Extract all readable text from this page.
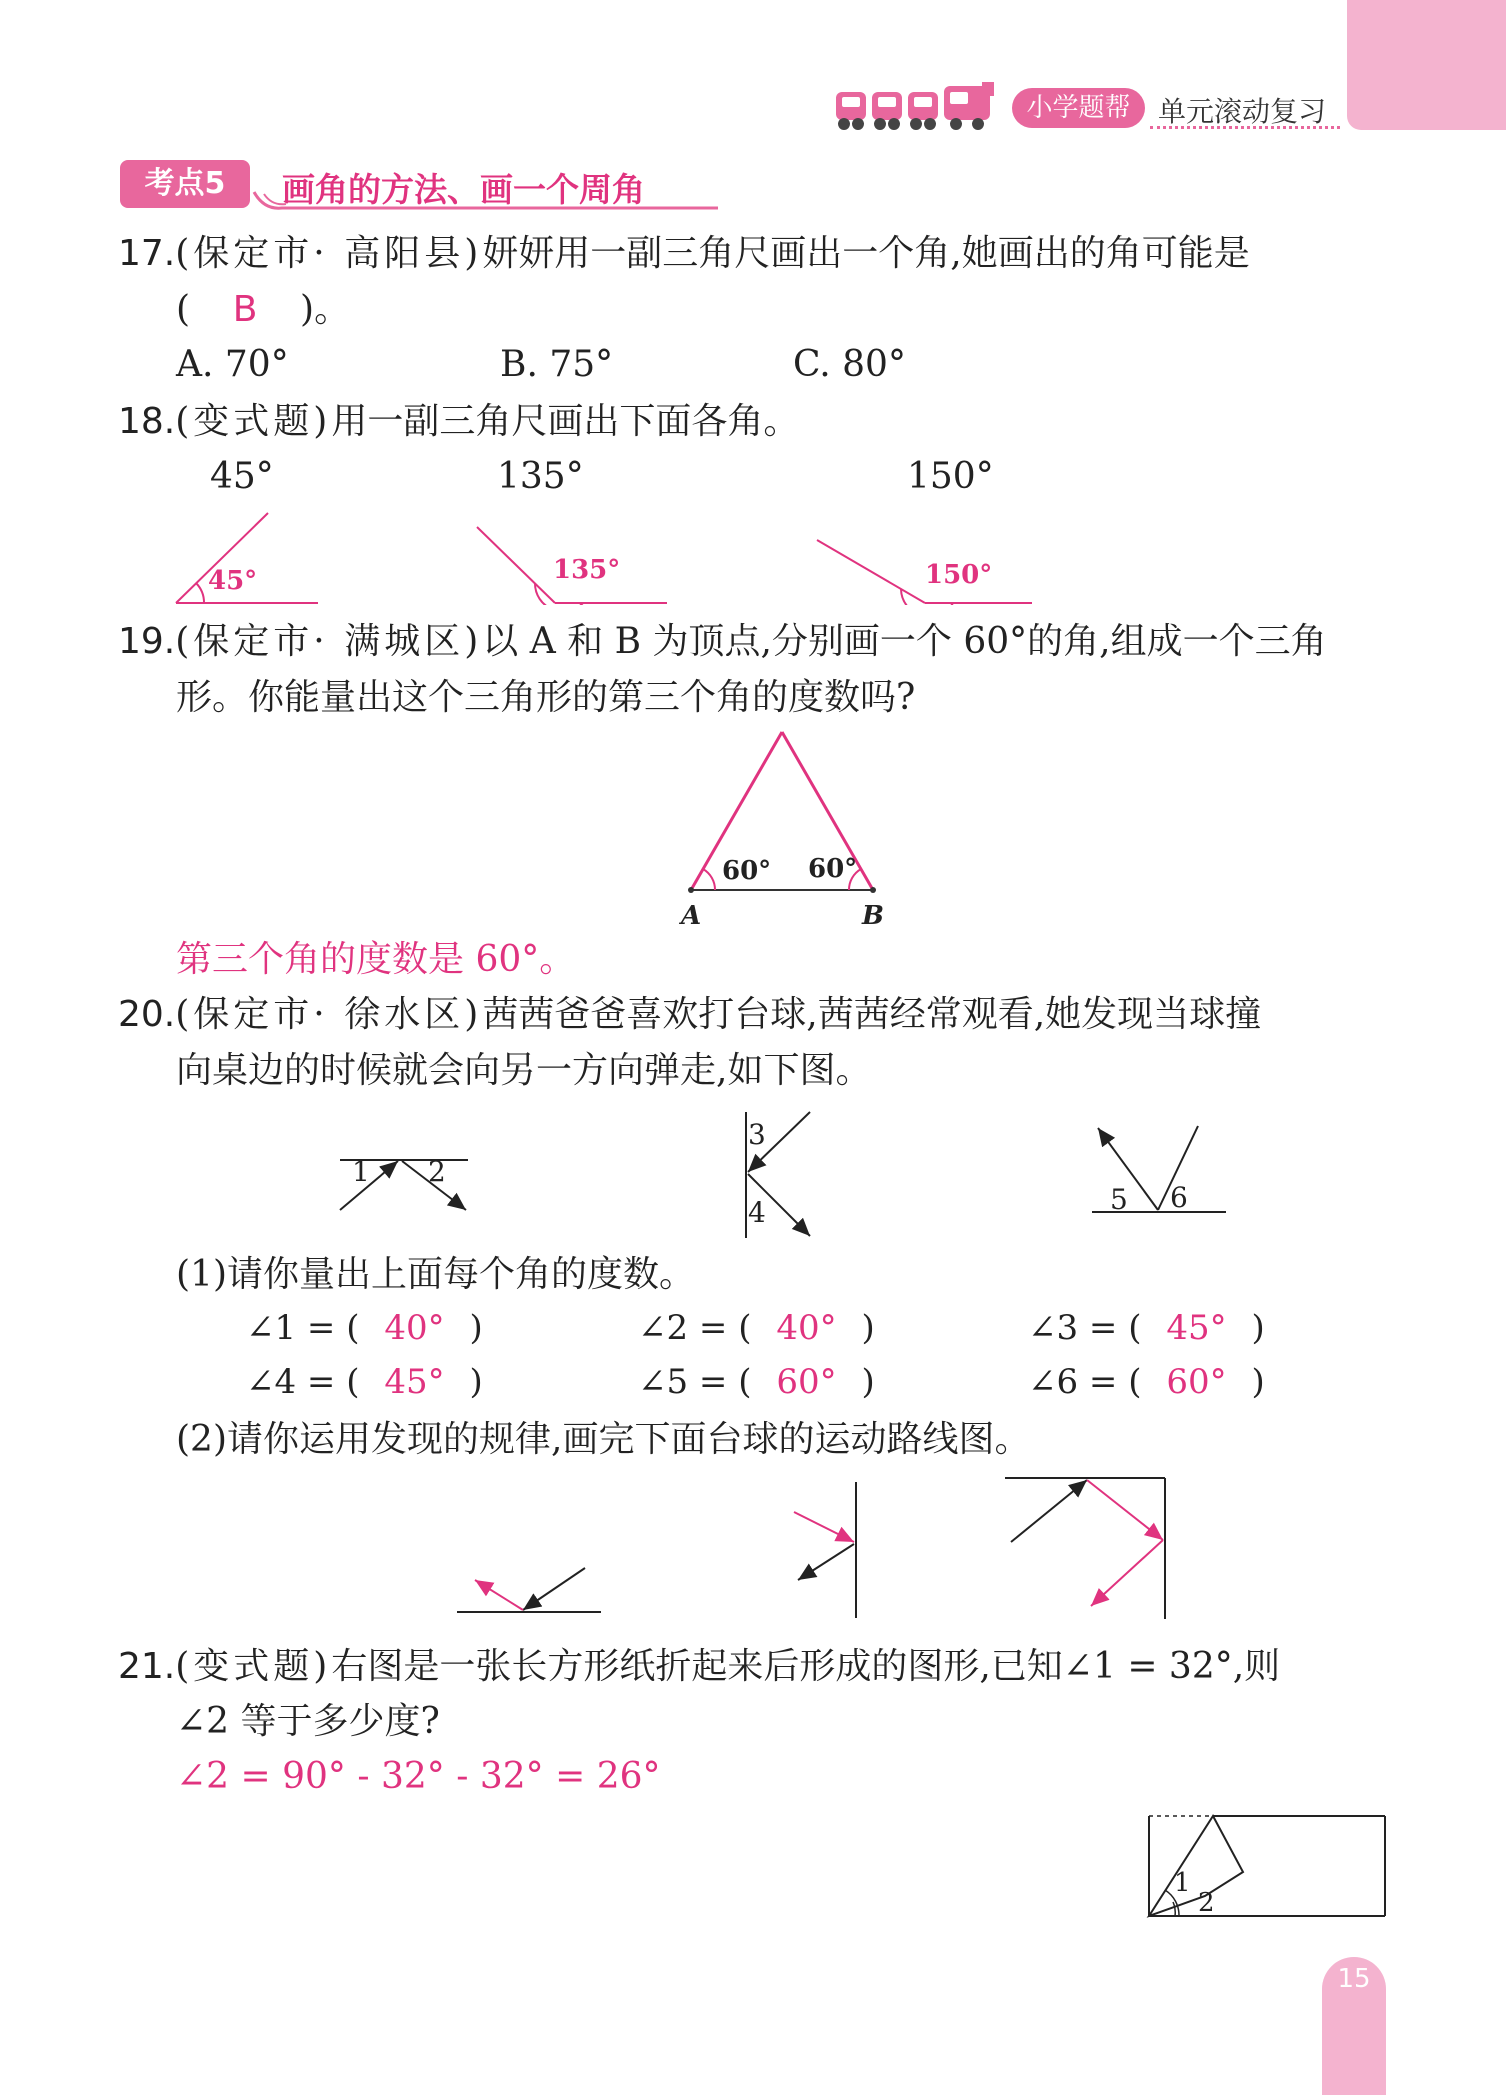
小学题帮 单元滚动复习
考点5	画角的方法、画一个周角
17.(保定市· 高阳县)妍妍用一副三角尺画出一个角,她画出的角可能是
( B )。
A. 70°	B. 75°	C. 80°
18.(变式题)用一副三角尺画出下面各角。
45°	135°	150°
45°	135°	150°
19.(保定市· 满城区)以 A 和 B 为顶点,分别画一个 60°的角,组成一个三角
形。你能量出这个三角形的第三个角的度数吗?
60° 60°
A	B
第三个角的度数是 60°。
20.(保定市· 徐水区)茜茜爸爸喜欢打台球,茜茜经常观看,她发现当球撞
向桌边的时候就会向另一方向弹走,如下图。
1 2
3
4	5 6
(1)请你量出上面每个角的度数。
∠1 = ( 40° )	∠2 = ( 40° )	∠3 = ( 45° )
∠4 = ( 45° )	∠5 = ( 60° )	∠6 = ( 60° )
(2)请你运用发现的规律,画完下面台球的运动路线图。
21.(变式题)右图是一张长方形纸折起来后形成的图形,已知∠1 = 32°,则
∠2 等于多少度?
∠2 = 90° - 32° - 32° = 26°
1
2
15
